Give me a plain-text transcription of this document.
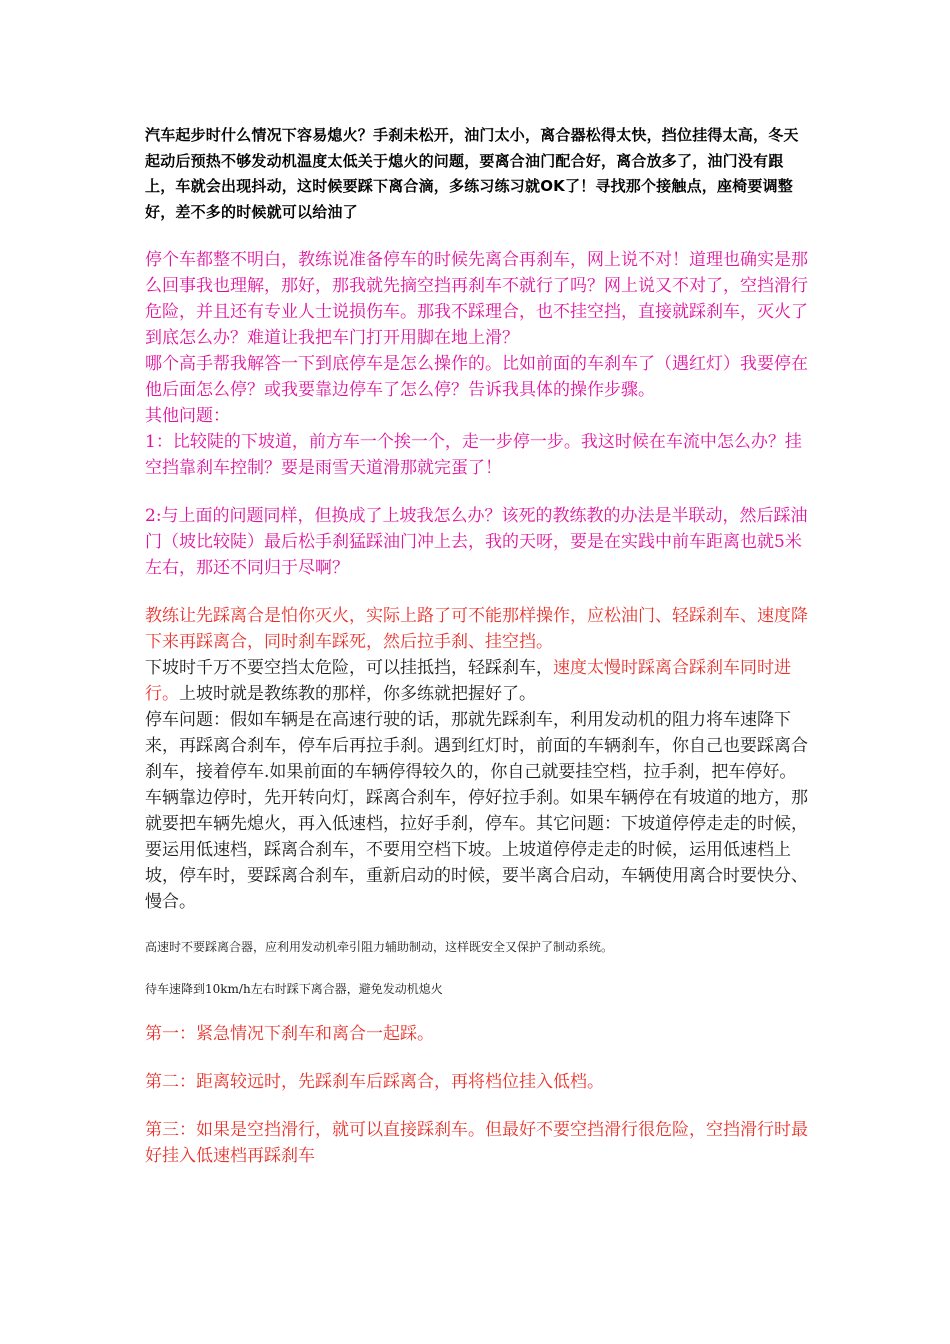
汽车起步时什么情况下容易熄火？手刹未松开，油门太小，离合器松得太快，挡位挂得太高，冬天起动后预热不够发动机温度太低关于熄火的问题，要离合油门配合好，离合放多了，油门没有跟上，车就会出现抖动，这时候要踩下离合滴，多练习练习就OK了！寻找那个接触点，座椅要调整好，差不多的时候就可以给油了

停个车都整不明白，教练说准备停车的时候先离合再刹车，网上说不对！道理也确实是那么回事我也理解，那好，那我就先摘空挡再刹车不就行了吗？网上说又不对了，空挡滑行危险，并且还有专业人士说损伤车。那我不踩理合，也不挂空挡，直接就踩刹车，灭火了到底怎么办？难道让我把车门打开用脚在地上滑？

哪个高手帮我解答一下到底停车是怎么操作的。比如前面的车刹车了（遇红灯）我要停在他后面怎么停？或我要靠边停车了怎么停？告诉我具体的操作步骤。

其他问题：

1：比较陡的下坡道，前方车一个挨一个，走一步停一步。我这时候在车流中怎么办？挂空挡靠刹车控制？要是雨雪天道滑那就完蛋了！

2:与上面的问题同样，但换成了上坡我怎么办？该死的教练教的办法是半联动，然后踩油门（坡比较陡）最后松手刹猛踩油门冲上去，我的天呀，要是在实践中前车距离也就5米左右，那还不同归于尽啊？

教练让先踩离合是怕你灭火，实际上路了可不能那样操作，应松油门、轻踩刹车、速度降下来再踩离合，同时刹车踩死，然后拉手刹、挂空挡。

下坡时千万不要空挡太危险，可以挂抵挡，轻踩刹车，速度太慢时踩离合踩刹车同时进行。上坡时就是教练教的那样，你多练就把握好了。

停车问题：假如车辆是在高速行驶的话，那就先踩刹车，利用发动机的阻力将车速降下来，再踩离合刹车，停车后再拉手刹。遇到红灯时，前面的车辆刹车，你自己也要踩离合刹车，接着停车.如果前面的车辆停得较久的，你自己就要挂空档，拉手刹，把车停好。车辆靠边停时，先开转向灯，踩离合刹车，停好拉手刹。如果车辆停在有坡道的地方，那就要把车辆先熄火，再入低速档，拉好手刹，停车。其它问题：下坡道停停走走的时候，要运用低速档，踩离合刹车，不要用空档下坡。上坡道停停走走的时候，运用低速档上坡，停车时，要踩离合刹车，重新启动的时候，要半离合启动，车辆使用离合时要快分、慢合。

高速时不要踩离合器，应利用发动机牵引阻力辅助制动，这样既安全又保护了制动系统。

待车速降到10km/h左右时踩下离合器，避免发动机熄火

第一：紧急情况下刹车和离合一起踩。

第二：距离较远时，先踩刹车后踩离合，再将档位挂入低档。

第三：如果是空挡滑行，就可以直接踩刹车。但最好不要空挡滑行很危险，空挡滑行时最好挂入低速档再踩刹车
